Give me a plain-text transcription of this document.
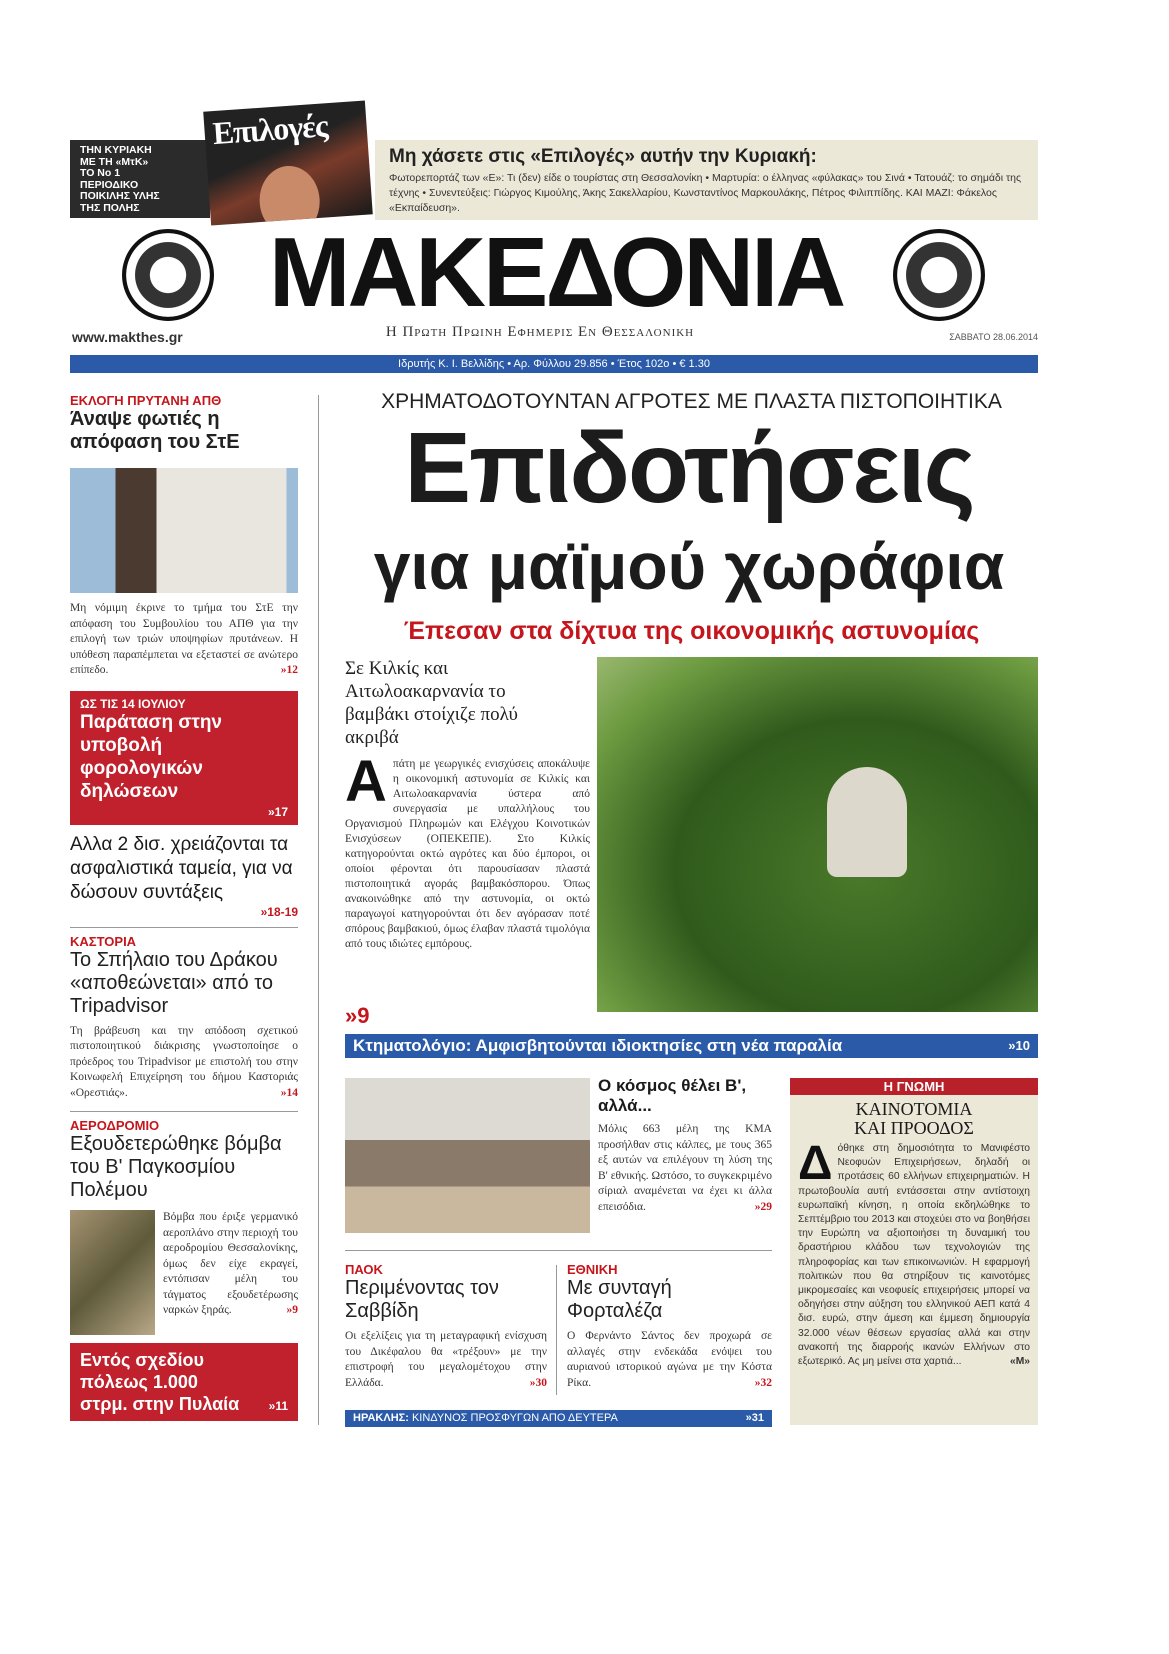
ΤΗΝ ΚΥΡΙΑΚΗ
ΜΕ ΤΗ «ΜτΚ»
ΤΟ Νο 1
ΠΕΡΙΟΔΙΚΟ
ΠΟΙΚΙΛΗΣ ΥΛΗΣ
ΤΗΣ ΠΟΛΗΣ
Επιλογές
Μη χάσετε στις «Επιλογές» αυτήν την Κυριακή:
Φωτορεπορτάζ των «Ε»: Τι (δεν) είδε ο τουρίστας στη Θεσσαλονίκη • Μαρτυρία: ο έλληνας «φύλακας» του Σινά • Τατουάζ: το σημάδι της τέχνης • Συνεντεύξεις: Γιώργος Κιμούλης, Άκης Σακελλαρίου, Κωνσταντίνος Μαρκουλάκης, Πέτρος Φιλιππίδης. ΚΑΙ ΜΑΖΙ: Φάκελος «Εκπαίδευση».
ΜΑΚΕΔΟΝΙΑ
www.makthes.gr	Η Πρωτη Πρωινη Εφημερις Εν Θεσσαλονικη	ΣΑΒΒΑΤΟ 28.06.2014
Ιδρυτής Κ. Ι. Βελλίδης • Αρ. Φύλλου 29.856 • Έτος 102ο • € 1.30
ΕΚΛΟΓΗ ΠΡΥΤΑΝΗ ΑΠΘ
Άναψε φωτιές η απόφαση του ΣτΕ
Μη νόμιμη έκρινε το τμήμα του ΣτΕ την απόφαση του Συμβουλίου του ΑΠΘ για την επιλογή των τριών υποψηφίων πρυτάνεων. Η υπόθεση παραπέμπεται να εξεταστεί σε ανώτερο επίπεδο.	»12
ΩΣ ΤΙΣ 14 ΙΟΥΛΙΟΥ
Παράταση στην υποβολή φορολογικών δηλώσεων
»17
Αλλα 2 δισ. χρειάζονται τα ασφαλιστικά ταμεία, για να δώσουν συντάξεις
»18-19
ΚΑΣΤΟΡΙΑ
Το Σπήλαιο του Δράκου «αποθεώνεται» από το Tripadvisor
Τη βράβευση και την απόδοση σχετικού πιστοποιητικού διάκρισης γνωστοποίησε ο πρόεδρος του Tripadvisor με επιστολή του στην Κοινωφελή Επιχείρηση του δήμου Καστοριάς «Ορεστιάς».	»14
ΑΕΡΟΔΡΟΜΙΟ
Εξουδετερώθηκε βόμβα του Β' Παγκοσμίου Πολέμου
Βόμβα που έριξε γερμανικό αεροπλάνο στην περιοχή του αεροδρομίου Θεσσαλονίκης, όμως δεν είχε εκραγεί, εντόπισαν μέλη του τάγματος εξουδετέρωσης ναρκών ξηράς.	»9
Εντός σχεδίου πόλεως 1.000 στρμ. στην Πυλαία	»11
ΧΡΗΜΑΤΟΔΟΤΟΥΝΤΑΝ ΑΓΡΟΤΕΣ ΜΕ ΠΛΑΣΤΑ ΠΙΣΤΟΠΟΙΗΤΙΚΑ
Επιδοτήσεις
για μαϊμού χωράφια
Έπεσαν στα δίχτυα της οικονομικής αστυνομίας
Σε Κιλκίς και Αιτωλοακαρνανία το βαμβάκι στοίχιζε πολύ ακριβά
Απάτη με γεωργικές ενισχύσεις αποκάλυψε η οικονομική αστυνομία σε Κιλκίς και Αιτωλοακαρνανία ύστερα από συνεργασία με υπαλλήλους του Οργανισμού Πληρωμών και Ελέγχου Κοινοτικών Ενισχύσεων (ΟΠΕΚΕΠΕ). Στο Κιλκίς κατηγορούνται οκτώ αγρότες και δύο έμποροι, οι οποίοι φέρονται ότι παρουσίασαν πλαστά πιστοποιητικά αγοράς βαμβακόσπορου. Όπως ανακοινώθηκε από την αστυνομία, οι οκτώ παραγωγοί κατηγορούνται ότι δεν αγόρασαν ποτέ σπόρους βαμβακιού, όμως έλαβαν πλαστά τιμολόγια από τους ιδιώτες εμπόρους.
»9
Κτηματολόγιο: Αμφισβητούνται ιδιοκτησίες στη νέα παραλία	»10
Ο κόσμος θέλει Β', αλλά...
Μόλις 663 μέλη της ΚΜΑ προσήλθαν στις κάλπες, με τους 365 εξ αυτών να επιλέγουν τη λύση της Β' εθνικής. Ωστόσο, το συγκεκριμένο σίριαλ αναμένεται να έχει κι άλλα επεισόδια.	»29
ΠΑΟΚ
Περιμένοντας τον Σαββίδη
Οι εξελίξεις για τη μεταγραφική ενίσχυση του Δικέφαλου θα «τρέξουν» με την επιστροφή του μεγαλομέτοχου στην Ελλάδα.	»30
ΕΘΝΙΚΗ
Με συνταγή Φορταλέζα
Ο Φερνάντο Σάντος δεν προχωρά σε αλλαγές στην ενδεκάδα ενόψει του αυριανού ιστορικού αγώνα με την Κόστα Ρίκα.	»32
ΗΡΑΚΛΗΣ: ΚΙΝΔΥΝΟΣ ΠΡΟΣΦΥΓΩΝ ΑΠΟ ΔΕΥΤΕΡΑ	»31
Η ΓΝΩΜΗ
ΚΑΙΝΟΤΟΜΙΑ ΚΑΙ ΠΡΟΟΔΟΣ
Δόθηκε στη δημοσιότητα το Μανιφέστο Νεοφυών Επιχειρήσεων, δηλαδή οι προτάσεις 60 ελλήνων επιχειρηματιών. Η πρωτοβουλία αυτή εντάσσεται στην αντίστοιχη ευρωπαϊκή κίνηση, η οποία εκδηλώθηκε το Σεπτέμβριο του 2013 και στοχεύει στο να βοηθήσει την Ευρώπη να αξιοποιήσει τη δυναμική του δραστήριου κλάδου των τεχνολογιών της πληροφορίας και των επικοινωνιών. Η εφαρμογή πολιτικών που θα στηρίξουν τις καινοτόμες μικρομεσαίες και νεοφυείς επιχειρήσεις μπορεί να οδηγήσει στην αύξηση του ελληνικού ΑΕΠ κατά 4 δισ. ευρώ, στην άμεση και έμμεση δημιουργία 32.000 νέων θέσεων εργασίας αλλά και στην ανακοπή της διαρροής ικανών Ελλήνων στο εξωτερικό. Ας μη μείνει στα χαρτιά...	«Μ»
